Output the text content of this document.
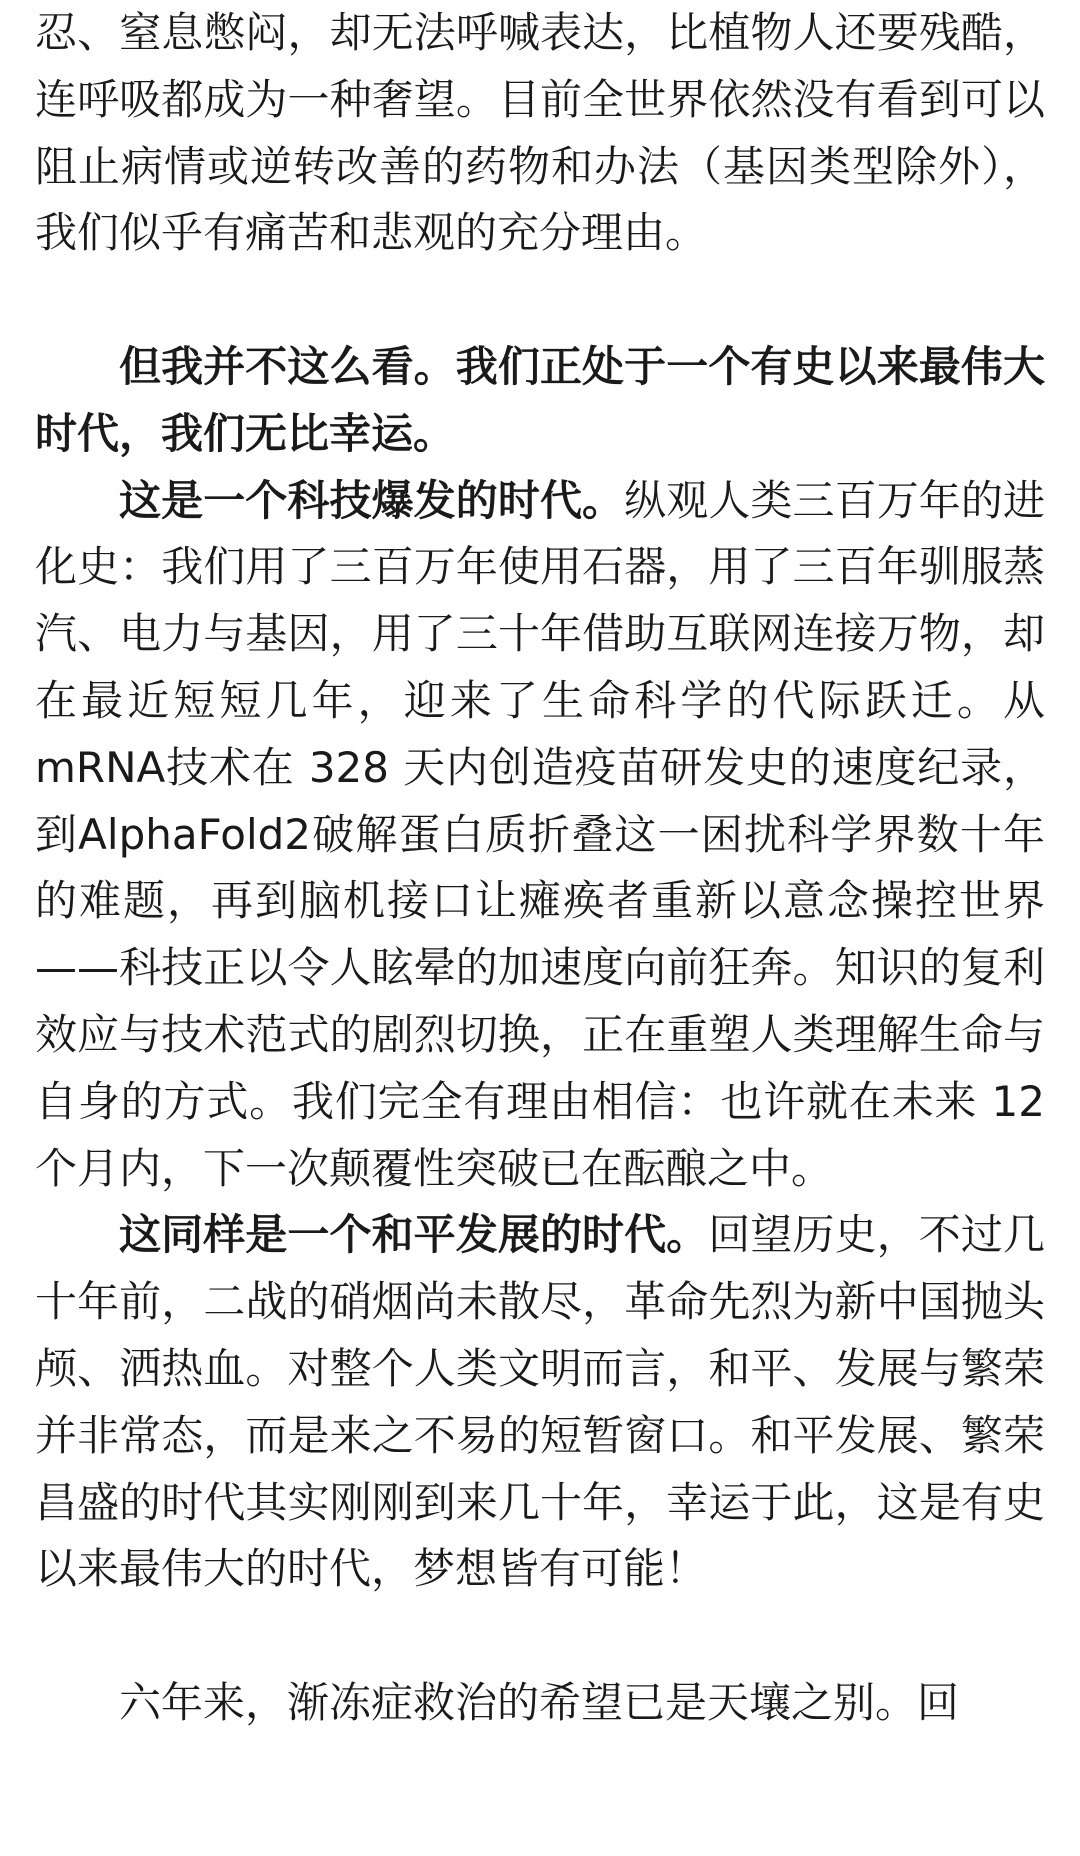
忍、窒息憋闷，却无法呼喊表达，比植物人还要残酷，连呼吸都成为一种奢望。目前全世界依然没有看到可以阻止病情或逆转改善的药物和办法（基因类型除外），我们似乎有痛苦和悲观的充分理由。

但我并不这么看。我们正处于一个有史以来最伟大时代，我们无比幸运。

这是一个科技爆发的时代。纵观人类三百万年的进化史：我们用了三百万年使用石器，用了三百年驯服蒸汽、电力与基因，用了三十年借助互联网连接万物，却在最近短短几年，迎来了生命科学的代际跃迁。从mRNA技术在 328 天内创造疫苗研发史的速度纪录，到AlphaFold2破解蛋白质折叠这一困扰科学界数十年的难题，再到脑机接口让瘫痪者重新以意念操控世界——科技正以令人眩晕的加速度向前狂奔。知识的复利效应与技术范式的剧烈切换，正在重塑人类理解生命与自身的方式。我们完全有理由相信：也许就在未来 12 个月内，下一次颠覆性突破已在酝酿之中。

这同样是一个和平发展的时代。回望历史，不过几十年前，二战的硝烟尚未散尽，革命先烈为新中国抛头颅、洒热血。对整个人类文明而言，和平、发展与繁荣并非常态，而是来之不易的短暂窗口。和平发展、繁荣昌盛的时代其实刚刚到来几十年，幸运于此，这是有史以来最伟大的时代，梦想皆有可能！

六年来，渐冻症救治的希望已是天壤之别。回
